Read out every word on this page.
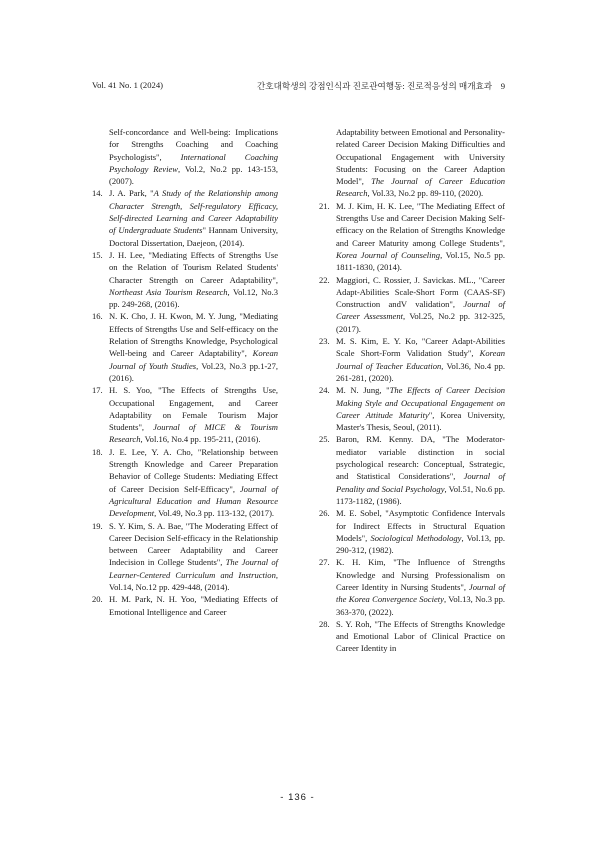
Vol. 41 No. 1 (2024)	간호대학생의 강점인식과 진로관여행동: 진로적응성의 매개효과 9

Self-concordance and Well-being: Implications for Strengths Coaching and Coaching Psychologists", International Coaching Psychology Review, Vol.2, No.2 pp. 143-153, (2007).

14. J. A. Park, "A Study of the Relationship among Character Strength, Self-regulatory Efficacy, Self-directed Learning and Career Adaptability of Undergraduate Students" Hannam University, Doctoral Dissertation, Daejeon, (2014).

15. J. H. Lee, "Mediating Effects of Strengths Use on the Relation of Tourism Related Students' Character Strength on Career Adaptability", Northeast Asia Tourism Research, Vol.12, No.3 pp. 249-268, (2016).

16. N. K. Cho, J. H. Kwon, M. Y. Jung, "Mediating Effects of Strengths Use and Self-efficacy on the Relation of Strengths Knowledge, Psychological Well-being and Career Adaptability", Korean Journal of Youth Studies, Vol.23, No.3 pp.1-27, (2016).

17. H. S. Yoo, "The Effects of Strengths Use, Occupational Engagement, and Career Adaptability on Female Tourism Major Students", Journal of MICE & Tourism Research, Vol.16, No.4 pp. 195-211, (2016).

18. J. E. Lee, Y. A. Cho, "Relationship between Strength Knowledge and Career Preparation Behavior of College Students: Mediating Effect of Career Decision Self-Efficacy", Journal of Agricultural Education and Human Resource Development, Vol.49, No.3 pp. 113-132, (2017).

19. S. Y. Kim, S. A. Bae, "The Moderating Effect of Career Decision Self-efficacy in the Relationship between Career Adaptability and Career Indecision in College Students", The Journal of Learner-Centered Curriculum and Instruction, Vol.14, No.12 pp. 429-448, (2014).

20. H. M. Park, N. H. Yoo, "Mediating Effects of Emotional Intelligence and Career

Adaptability between Emotional and Personality-related Career Decision Making Difficulties and Occupational Engagement with University Students: Focusing on the Career Adaption Model", The Journal of Career Education Research, Vol.33, No.2 pp. 89-110, (2020).

21. M. J. Kim, H. K. Lee, "The Mediating Effect of Strengths Use and Career Decision Making Self-efficacy on the Relation of Strengths Knowledge and Career Maturity among College Students", Korea Journal of Counseling, Vol.15, No.5 pp. 1811-1830, (2014).

22. Maggiori, C. Rossier, J. Savickas. ML., "Career Adapt-Abilities Scale-Short Form (CAAS-SF) Construction andV validation", Journal of Career Assessment, Vol.25, No.2 pp. 312-325, (2017).

23. M. S. Kim, E. Y. Ko, "Career Adapt-Abilities Scale Short-Form Validation Study", Korean Journal of Teacher Education, Vol.36, No.4 pp. 261-281, (2020).

24. M. N. Jung, "The Effects of Career Decision Making Style and Occupational Engagement on Career Attitude Maturity", Korea University, Master's Thesis, Seoul, (2011).

25. Baron, RM. Kenny. DA, "The Moderator-mediator variable distinction in social psychological research: Conceptual, Sstrategic, and Statistical Considerations", Journal of Penality and Social Psychology, Vol.51, No.6 pp. 1173-1182, (1986).

26. M. E. Sobel, "Asymptotic Confidence Intervals for Indirect Effects in Structural Equation Models", Sociological Methodology, Vol.13, pp. 290-312, (1982).

27. K. H. Kim, "The Influence of Strengths Knowledge and Nursing Professionalism on Career Identity in Nursing Students", Journal of the Korea Convergence Society, Vol.13, No.3 pp. 363-370, (2022).

28. S. Y. Roh, "The Effects of Strengths Knowledge and Emotional Labor of Clinical Practice on Career Identity in

- 136 -
